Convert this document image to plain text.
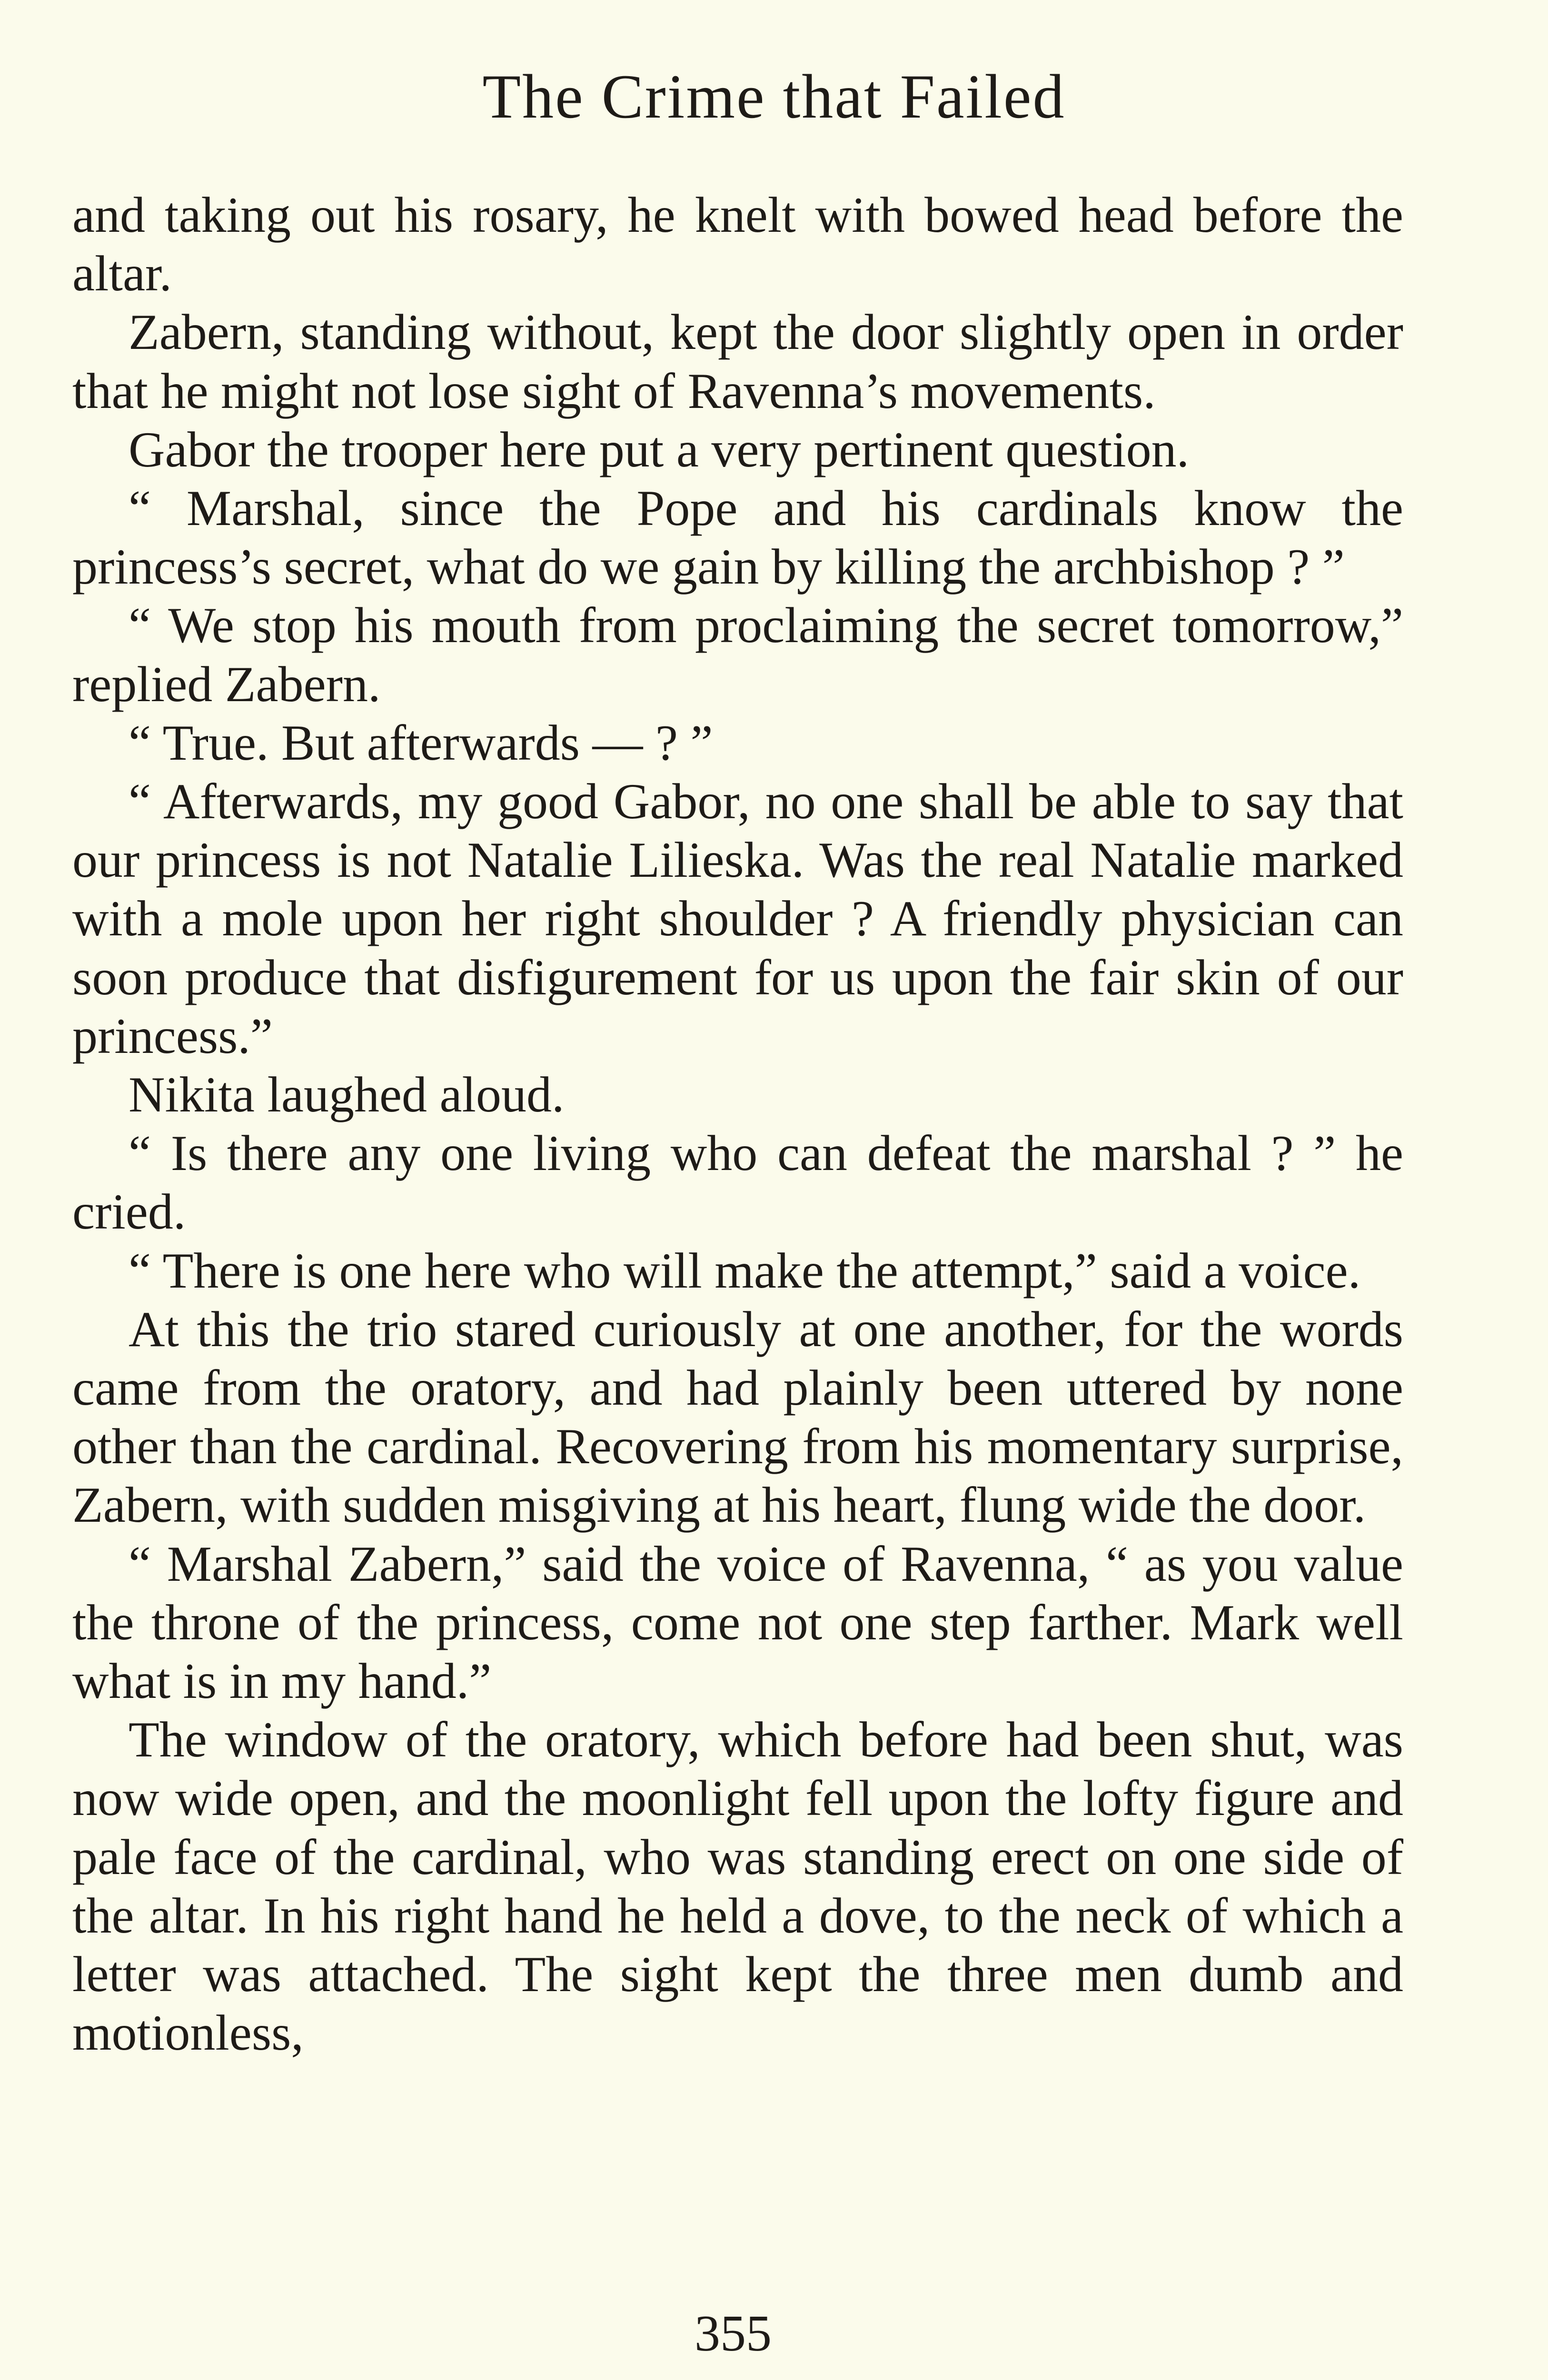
The Crime that Failed

and taking out his rosary, he knelt with bowed head before the altar.

Zabern, standing without, kept the door slightly open in order that he might not lose sight of Ravenna’s movements.

Gabor the trooper here put a very pertinent question.

“ Marshal, since the Pope and his cardinals know the princess’s secret, what do we gain by killing the archbishop ? ”

“ We stop his mouth from proclaiming the secret tomorrow,” replied Zabern.

“ True. But afterwards — ? ”

“ Afterwards, my good Gabor, no one shall be able to say that our princess is not Natalie Lilieska. Was the real Natalie marked with a mole upon her right shoulder ? A friendly physician can soon produce that disfigurement for us upon the fair skin of our princess.”

Nikita laughed aloud.

“ Is there any one living who can defeat the marshal ? ” he cried.

“ There is one here who will make the attempt,” said a voice.

At this the trio stared curiously at one another, for the words came from the oratory, and had plainly been uttered by none other than the cardinal. Recovering from his momentary surprise, Zabern, with sudden misgiving at his heart, flung wide the door.

“ Marshal Zabern,” said the voice of Ravenna, “ as you value the throne of the princess, come not one step farther. Mark well what is in my hand.”

The window of the oratory, which before had been shut, was now wide open, and the moonlight fell upon the lofty figure and pale face of the cardinal, who was standing erect on one side of the altar. In his right hand he held a dove, to the neck of which a letter was attached. The sight kept the three men dumb and motionless,

355
